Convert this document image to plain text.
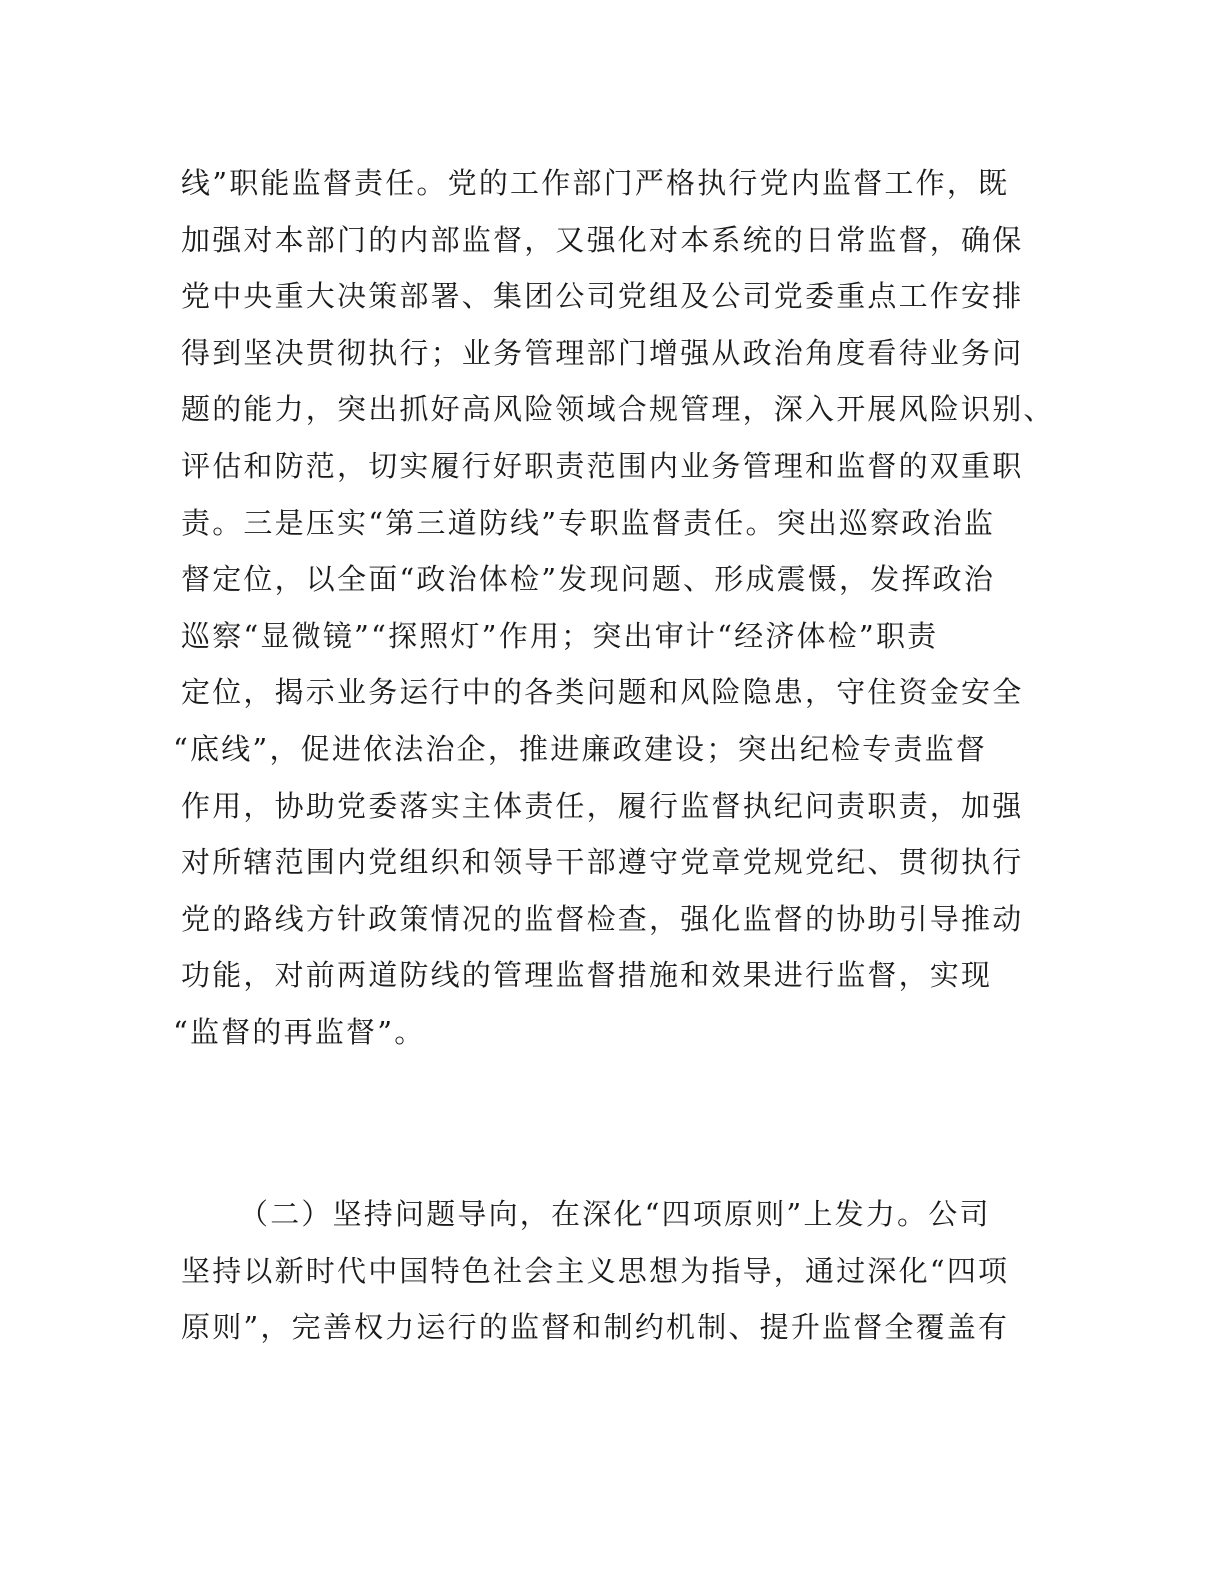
线”职能监督责任。党的工作部门严格执行党内监督工作，既
加强对本部门的内部监督，又强化对本系统的日常监督，确保
党中央重大决策部署、集团公司党组及公司党委重点工作安排
得到坚决贯彻执行；业务管理部门增强从政治角度看待业务问
题的能力，突出抓好高风险领域合规管理，深入开展风险识别、
评估和防范，切实履行好职责范围内业务管理和监督的双重职
责。三是压实“第三道防线”专职监督责任。突出巡察政治监
督定位，以全面“政治体检”发现问题、形成震慑，发挥政治
巡察“显微镜”“探照灯”作用；突出审计“经济体检”职责
定位，揭示业务运行中的各类问题和风险隐患，守住资金安全
“底线”，促进依法治企，推进廉政建设；突出纪检专责监督
作用，协助党委落实主体责任，履行监督执纪问责职责，加强
对所辖范围内党组织和领导干部遵守党章党规党纪、贯彻执行
党的路线方针政策情况的监督检查，强化监督的协助引导推动
功能，对前两道防线的管理监督措施和效果进行监督，实现
“监督的再监督”。
（二）坚持问题导向，在深化“四项原则”上发力。公司
坚持以新时代中国特色社会主义思想为指导，通过深化“四项
原则”，完善权力运行的监督和制约机制、提升监督全覆盖有
